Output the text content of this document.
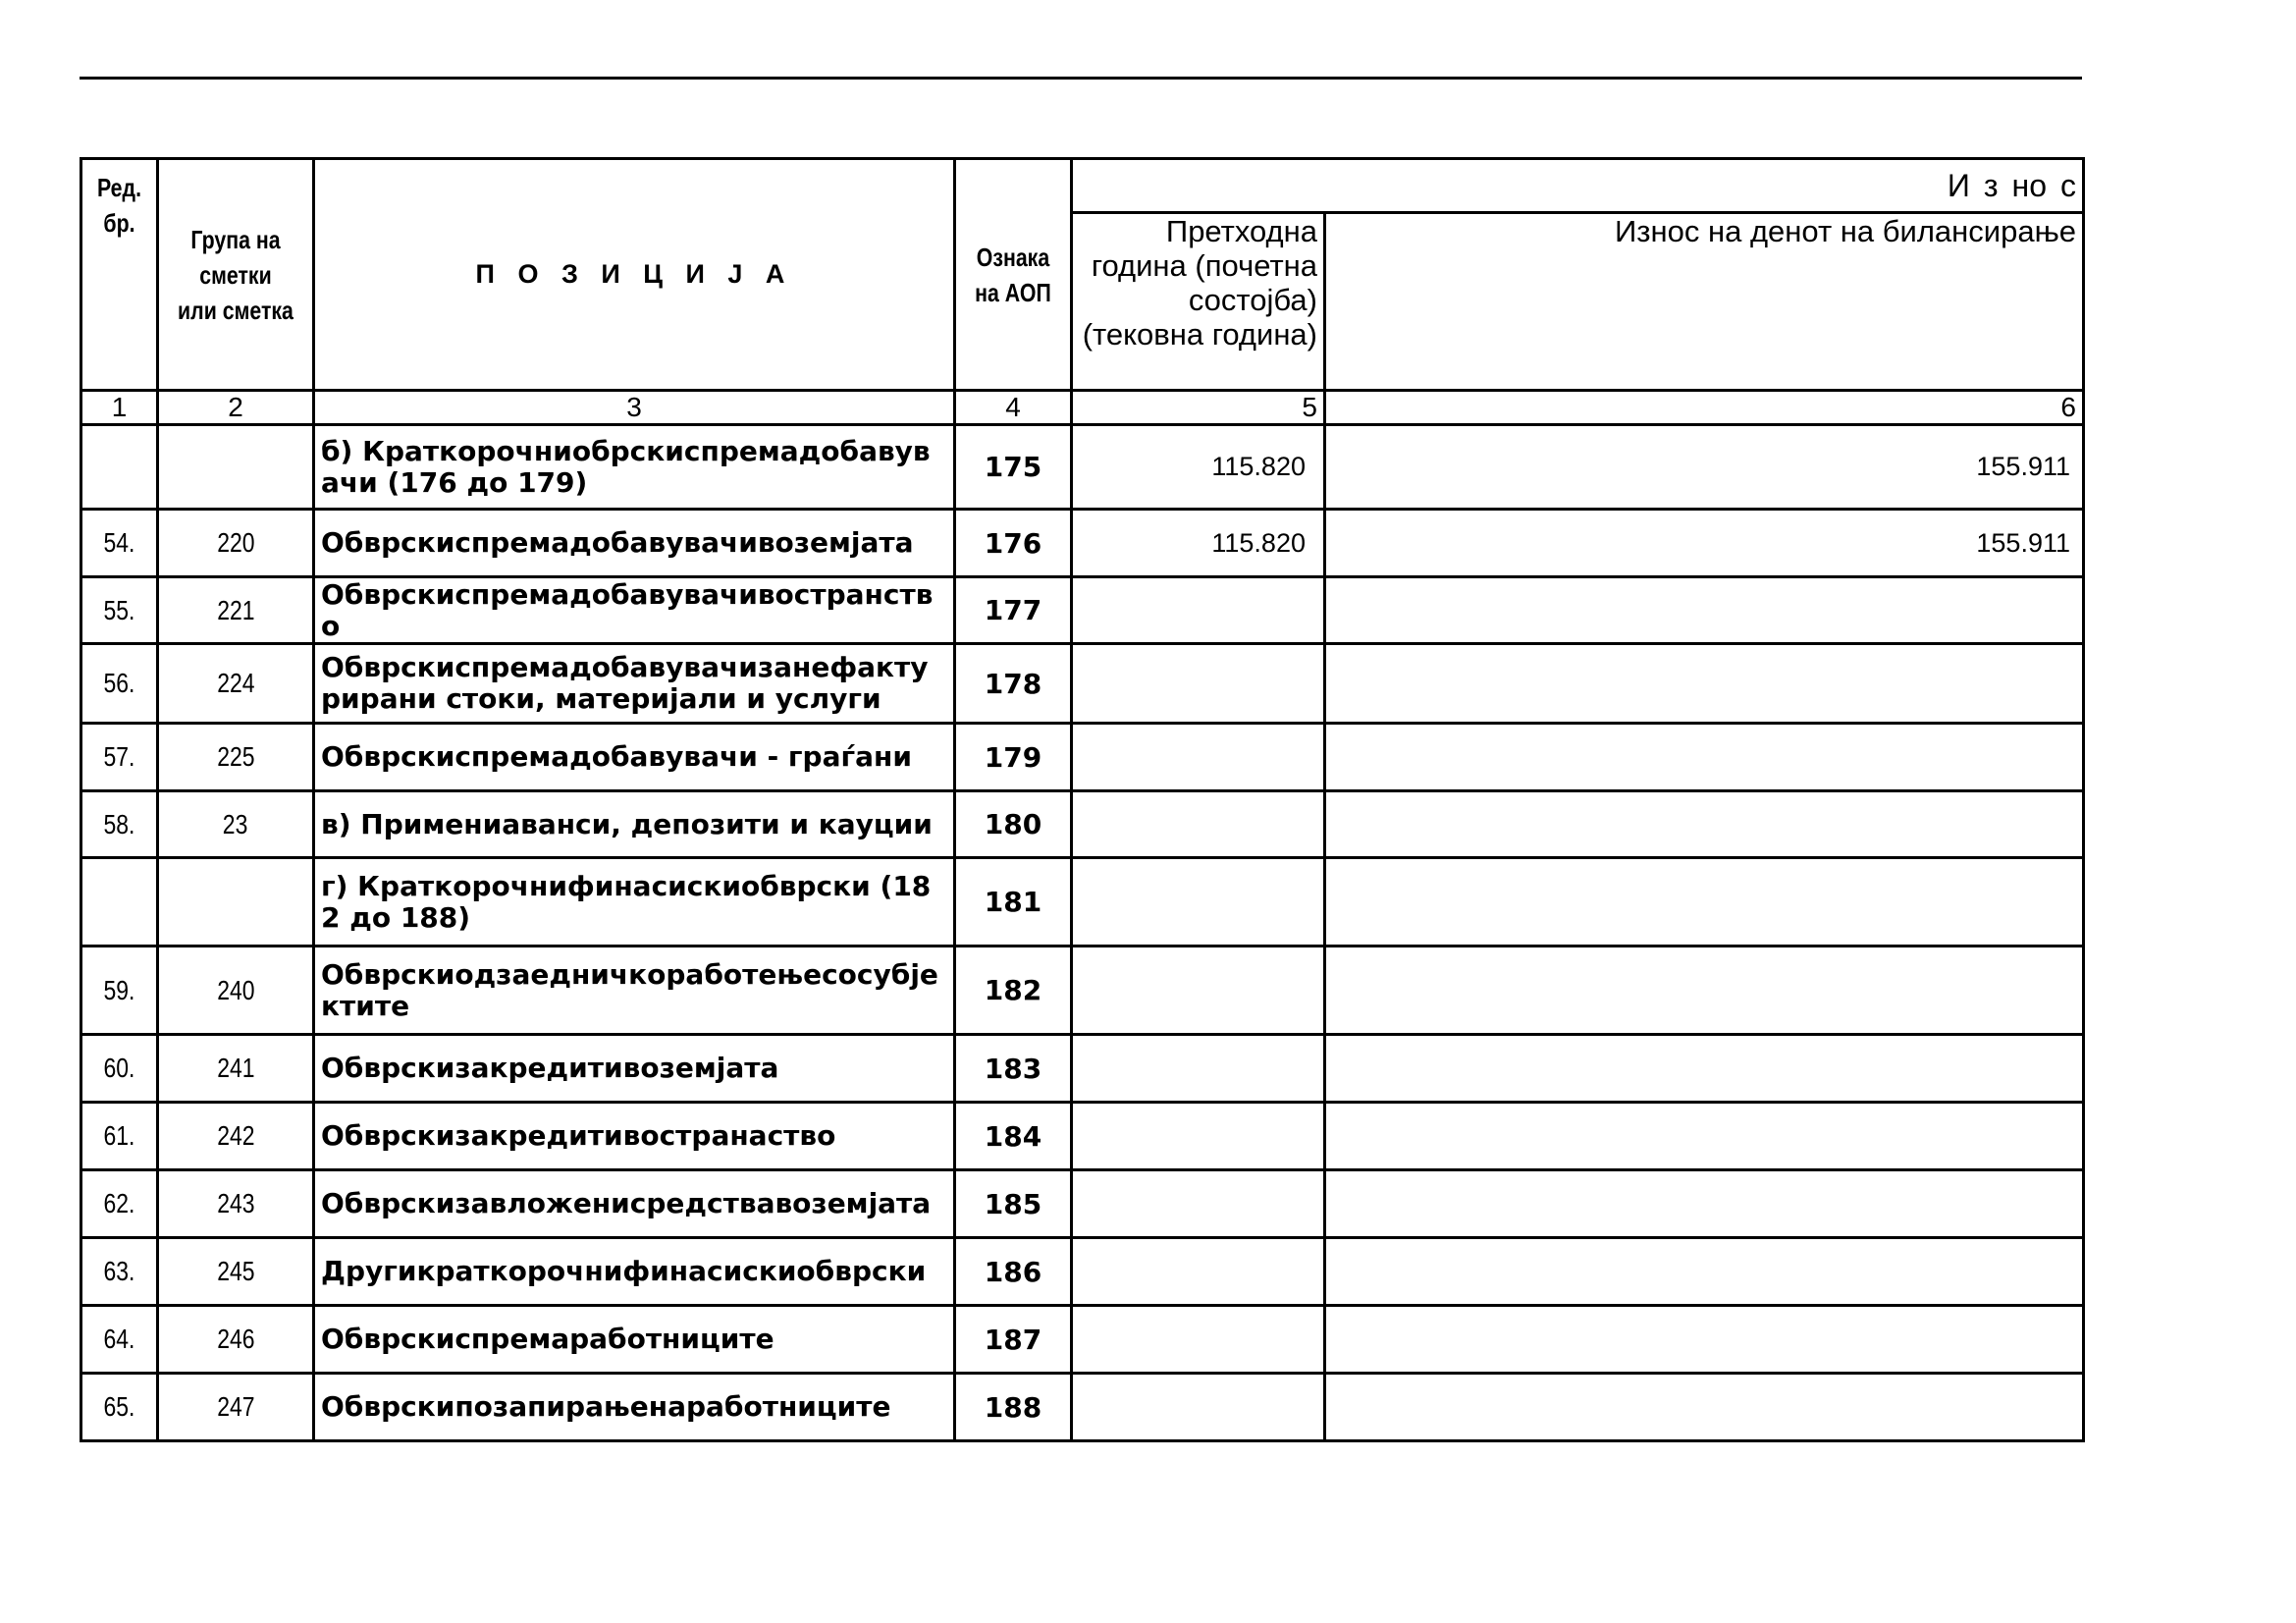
Ред. бр.	Група на сметки или сметка	П О З И Ц И Ј А	Ознака на АОП	И з но с	
				Претходна година (почетна состојба) (тековна година)	Износ на денот на билансирање
1	2	3	4	5	6
		б) Краткорочниобрскиспремадобавувачи (176 до 179)	175	115.820	155.911
54.	220	Обврскиспремадобавувачивоземјата	176	115.820	155.911
55.	221	Обврскиспремадобавувачивостранство	177		
56.	224	Обврскиспремадобавувачизанефактурирани стоки, материјали и услуги	178		
57.	225	Обврскиспремадобавувачи - граѓани	179		
58.	23	в) Примениаванси, депозити и кауции	180		
		г) Краткорочнифинасискиобврски (182 до 188)	181		
59.	240	Обврскиодзаедничкоработењесосубјектите	182		
60.	241	Обврскизакредитивоземјата	183		
61.	242	Обврскизакредитивостранаство	184		
62.	243	Обврскизавложенисредствавоземјата	185		
63.	245	Другикраткорочнифинасискиобврски	186		
64.	246	Обврскиспремаработниците	187		
65.	247	Обврскипозапирањенаработниците	188		
